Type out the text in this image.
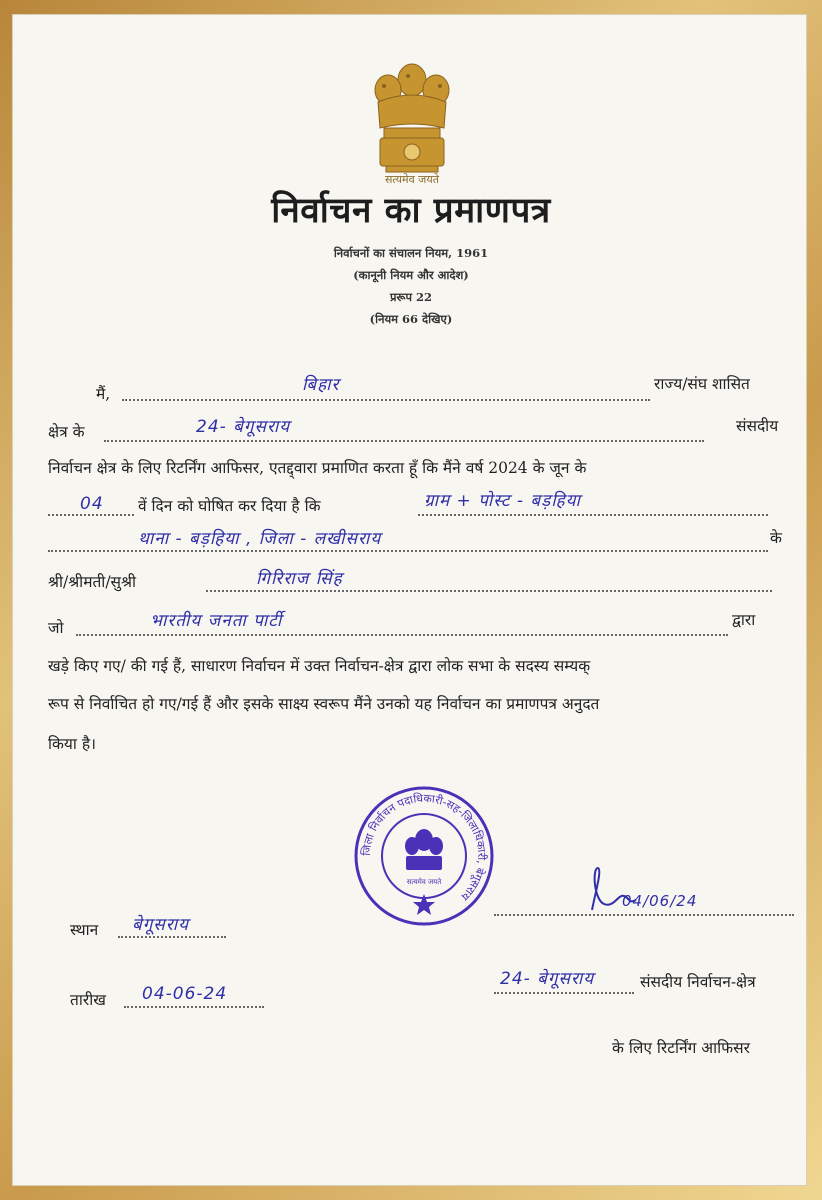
सत्यमेव जयते
निर्वाचन का प्रमाणपत्र
निर्वाचनों का संचालन नियम, 1961
(कानूनी नियम और आदेश)
प्ररूप 22
(नियम 66 देखिए)
मैं,	बिहार	राज्य/संघ शासित
क्षेत्र के	24- बेगूसराय	संसदीय
निर्वाचन क्षेत्र के लिए रिटर्निंग आफिसर, एतद्द्वारा प्रमाणित करता हूँ कि मैंने वर्ष 2024 के जून के
04 वें दिन को घोषित कर दिया है कि	ग्राम + पोस्ट - बड़हिया
थाना - बड़हिया , जिला - लखीसराय	के
श्री/श्रीमती/सुश्री	गिरिराज सिंह
जो	भारतीय जनता पार्टी	द्वारा
खड़े किए गए/ की गई हैं, साधारण निर्वाचन में उक्त निर्वाचन-क्षेत्र द्वारा लोक सभा के सदस्य सम्यक्
रूप से निर्वाचित हो गए/गई हैं और इसके साक्ष्य स्वरूप मैंने उनको यह निर्वाचन का प्रमाणपत्र अनुदत
किया है।
जिला निर्वाचन पदाधिकारी-सह-जिलाधिकारी, बेगूसराय
सत्यमेव जयते
04/06/24
स्थान बेगूसराय
तारीख 04-06-24
24- बेगूसराय	संसदीय निर्वाचन-क्षेत्र
के लिए रिटर्निंग आफिसर
